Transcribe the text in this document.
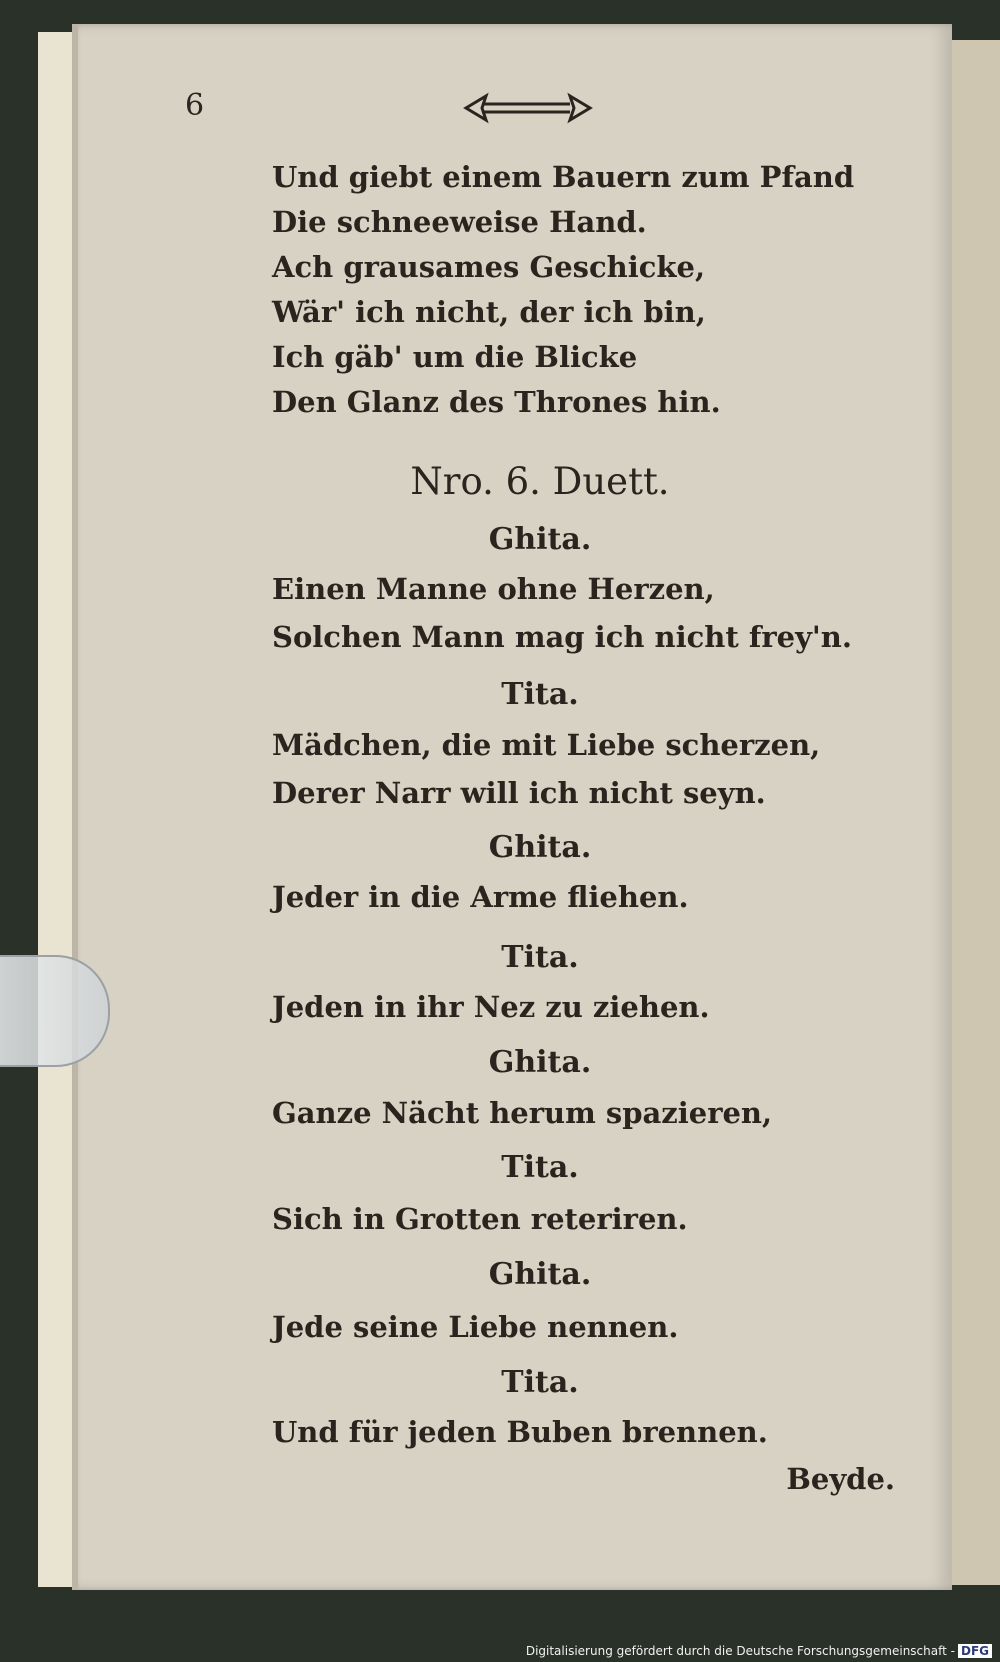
6
Und giebt einem Bauern zum Pfand
Die schneeweise Hand.
Ach grausames Geschicke,
Wär' ich nicht, der ich bin,
Ich gäb' um die Blicke
Den Glanz des Thrones hin.
Nro. 6. Duett.
Ghita.
Einen Manne ohne Herzen,
Solchen Mann mag ich nicht frey'n.
Tita.
Mädchen, die mit Liebe scherzen,
Derer Narr will ich nicht seyn.
Ghita.
Jeder in die Arme fliehen.
Tita.
Jeden in ihr Nez zu ziehen.
Ghita.
Ganze Nächt herum spazieren,
Tita.
Sich in Grotten reteriren.
Ghita.
Jede seine Liebe nennen.
Tita.
Und für jeden Buben brennen.
Beyde.
Digitalisierung gefördert durch die Deutsche Forschungsgemeinschaft - DFG
